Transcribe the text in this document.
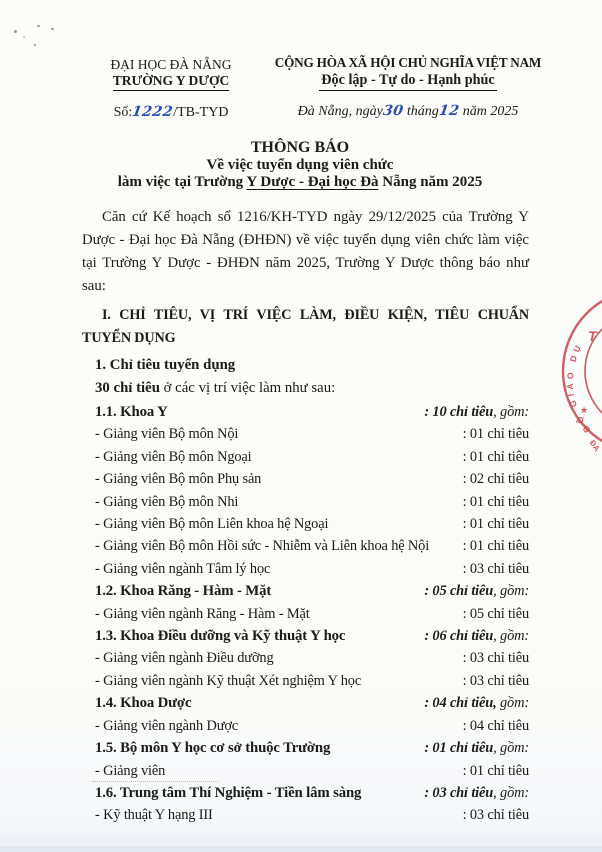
ĐẠI HỌC ĐÀ NẴNG
TRƯỜNG Y DƯỢC
Số:1222/TB-TYD
CỘNG HÒA XÃ HỘI CHỦ NGHĨA VIỆT NAM
Độc lập - Tự do - Hạnh phúc
Đà Nẵng, ngày30 tháng12 năm 2025
THÔNG BÁO
Về việc tuyển dụng viên chức
làm việc tại Trường Y Dược - Đại học Đà Nẵng năm 2025

Căn cứ Kế hoạch số 1216/KH-TYD ngày 29/12/2025 của Trường Y Dược - Đại học Đà Nẵng (ĐHĐN) về việc tuyển dụng viên chức làm việc tại Trường Y Dược - ĐHĐN năm 2025, Trường Y Dược thông báo như sau:

I. CHỈ TIÊU, VỊ TRÍ VIỆC LÀM, ĐIỀU KIỆN, TIÊU CHUẨN TUYỂN DỤNG
1. Chỉ tiêu tuyển dụng
30 chỉ tiêu ở các vị trí việc làm như sau:
1.1. Khoa Y	: 10 chỉ tiêu, gồm:
- Giảng viên Bộ môn Nội	: 01 chỉ tiêu
- Giảng viên Bộ môn Ngoại	: 01 chỉ tiêu
- Giảng viên Bộ môn Phụ sản	: 02 chỉ tiêu
- Giảng viên Bộ môn Nhi	: 01 chỉ tiêu
- Giảng viên Bộ môn Liên khoa hệ Ngoại	: 01 chỉ tiêu
- Giảng viên Bộ môn Hồi sức - Nhiễm và Liên khoa hệ Nội : 01 chỉ tiêu
- Giảng viên ngành Tâm lý học	: 03 chỉ tiêu
1.2. Khoa Răng - Hàm - Mặt	: 05 chỉ tiêu, gồm:
- Giảng viên ngành Răng - Hàm - Mặt	: 05 chỉ tiêu
1.3. Khoa Điều dưỡng và Kỹ thuật Y học	: 06 chỉ tiêu, gồm:
- Giảng viên ngành Điều dưỡng	: 03 chỉ tiêu
- Giảng viên ngành Kỹ thuật Xét nghiệm Y học	: 03 chỉ tiêu
1.4. Khoa Dược	: 04 chỉ tiêu, gồm:
- Giảng viên ngành Dược	: 04 chỉ tiêu
1.5. Bộ môn Y học cơ sở thuộc Trường	: 01 chỉ tiêu, gồm:
- Giảng viên	: 01 chỉ tiêu
1.6. Trung tâm Thí Nghiệm - Tiền lâm sàng	: 03 chỉ tiêu, gồm:
- Kỹ thuật Y hạng III	: 03 chỉ tiêu
BỘ GIÁO DỤ
★
ĐA
T
